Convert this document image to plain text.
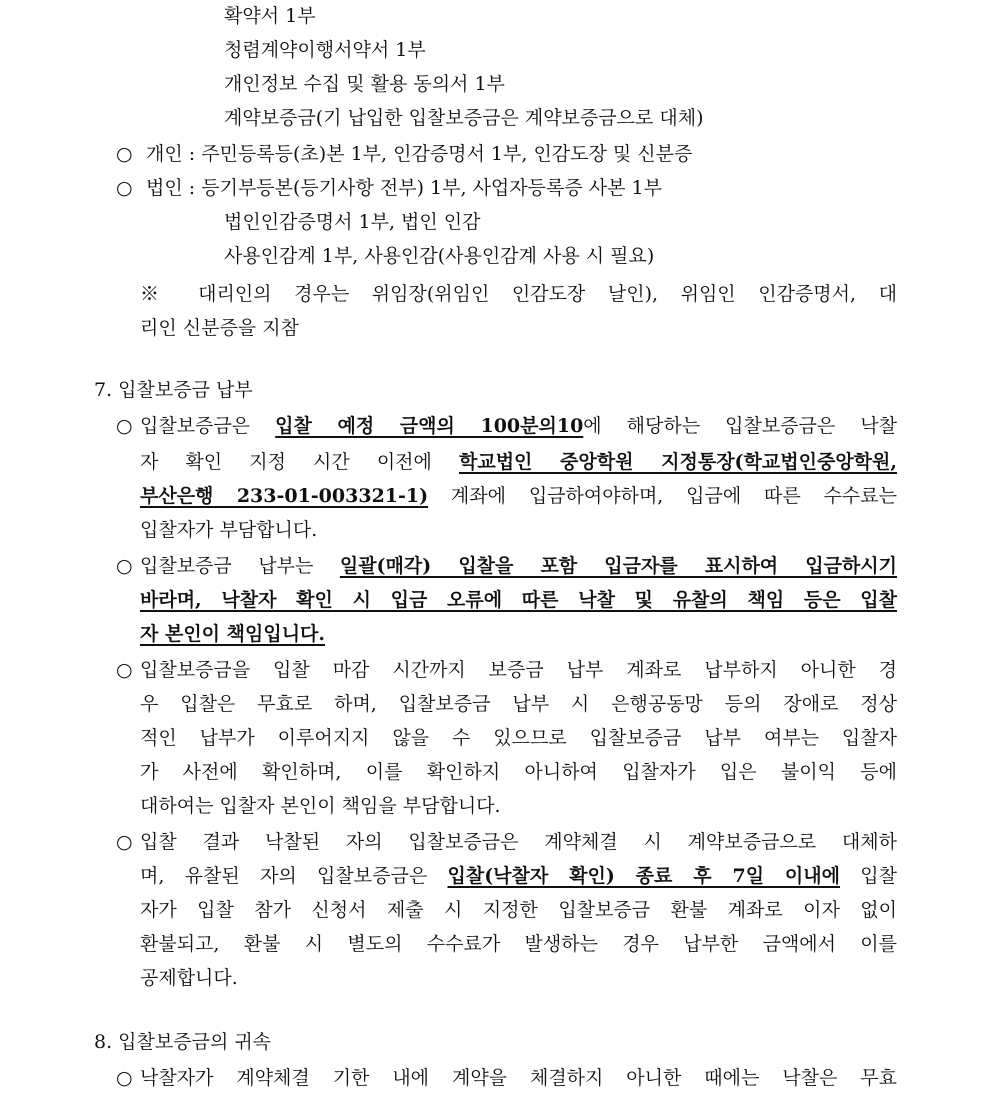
확약서 1부
청렴계약이행서약서 1부
개인정보 수집 및 활용 동의서 1부
계약보증금(기 납입한 입찰보증금은 계약보증금으로 대체)
○ 개인 : 주민등록등(초)본 1부, 인감증명서 1부, 인감도장 및 신분증
○ 법인 : 등기부등본(등기사항 전부) 1부, 사업자등록증 사본 1부
법인인감증명서 1부, 법인 인감
사용인감계 1부, 사용인감(사용인감계 사용 시 필요)
※ 대리인의 경우는 위임장(위임인 인감도장 날인), 위임인 인감증명서, 대
리인 신분증을 지참
7. 입찰보증금 납부
○ 입찰보증금은 입찰 예정 금액의 100분의10에 해당하는 입찰보증금은 낙찰
자 확인 지정 시간 이전에 학교법인 중앙학원 지정통장(학교법인중앙학원,
부산은행 233-01-003321-1) 계좌에 입금하여야하며, 입금에 따른 수수료는
입찰자가 부담합니다.
○ 입찰보증금 납부는 일괄(매각) 입찰을 포함 입금자를 표시하여 입금하시기
바라며, 낙찰자 확인 시 입금 오류에 따른 낙찰 및 유찰의 책임 등은 입찰
자 본인이 책임입니다.
○ 입찰보증금을 입찰 마감 시간까지 보증금 납부 계좌로 납부하지 아니한 경
우 입찰은 무효로 하며, 입찰보증금 납부 시 은행공동망 등의 장애로 정상
적인 납부가 이루어지지 않을 수 있으므로 입찰보증금 납부 여부는 입찰자
가 사전에 확인하며, 이를 확인하지 아니하여 입찰자가 입은 불이익 등에
대하여는 입찰자 본인이 책임을 부담합니다.
○ 입찰 결과 낙찰된 자의 입찰보증금은 계약체결 시 계약보증금으로 대체하
며, 유찰된 자의 입찰보증금은 입찰(낙찰자 확인) 종료 후 7일 이내에 입찰
자가 입찰 참가 신청서 제출 시 지정한 입찰보증금 환불 계좌로 이자 없이
환불되고, 환불 시 별도의 수수료가 발생하는 경우 납부한 금액에서 이를
공제합니다.
8. 입찰보증금의 귀속
○ 낙찰자가 계약체결 기한 내에 계약을 체결하지 아니한 때에는 낙찰은 무효
